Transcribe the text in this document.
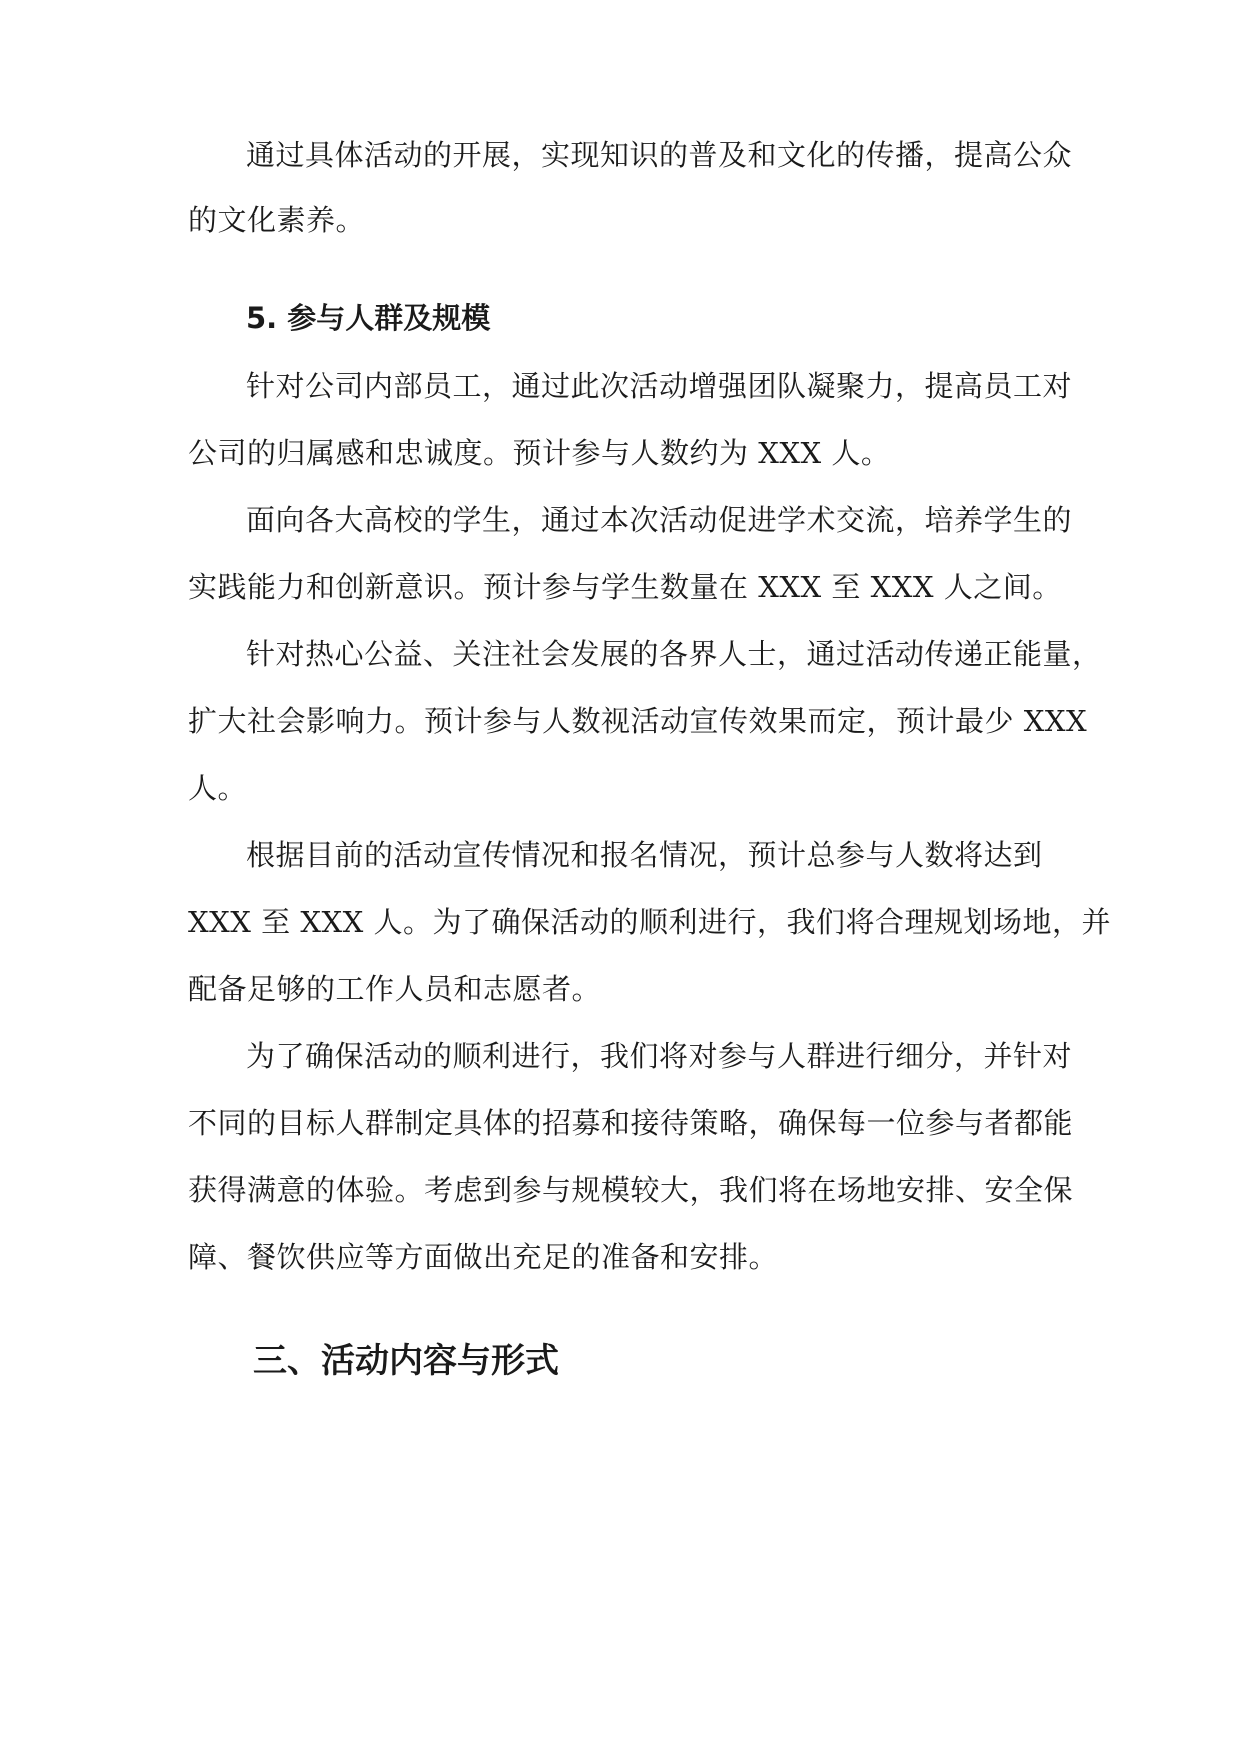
通过具体活动的开展，实现知识的普及和文化的传播，提高公众
的文化素养。
5. 参与人群及规模
针对公司内部员工，通过此次活动增强团队凝聚力，提高员工对
公司的归属感和忠诚度。预计参与人数约为 XXX 人。
面向各大高校的学生，通过本次活动促进学术交流，培养学生的
实践能力和创新意识。预计参与学生数量在 XXX 至 XXX 人之间。
针对热心公益、关注社会发展的各界人士，通过活动传递正能量，
扩大社会影响力。预计参与人数视活动宣传效果而定，预计最少 XXX
人。
根据目前的活动宣传情况和报名情况，预计总参与人数将达到
XXX 至 XXX 人。为了确保活动的顺利进行，我们将合理规划场地，并
配备足够的工作人员和志愿者。
为了确保活动的顺利进行，我们将对参与人群进行细分，并针对
不同的目标人群制定具体的招募和接待策略，确保每一位参与者都能
获得满意的体验。考虑到参与规模较大，我们将在场地安排、安全保
障、餐饮供应等方面做出充足的准备和安排。
三、活动内容与形式
